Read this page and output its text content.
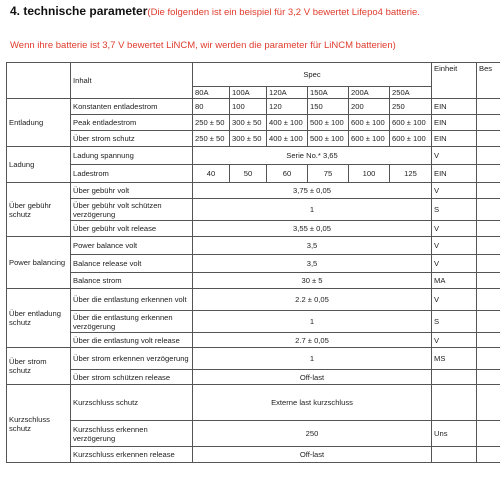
4. technische parameter(Die folgenden ist ein beispiel für 3,2 V bewertet Lifepo4 batterie.
Wenn ihre batterie ist 3,7 V bewertet LiNCM, wir werden die parameter für LiNCM batterien)
	Inhalt	Spec						Einheit	Bes
		80A	100A	120A	150A	200A	250A		
Entladung	Konstanten entladestrom	80	100	120	150	200	250	EIN	
	Peak entladestrom	250 ± 50	300 ± 50	400 ± 100	500 ± 100	600 ± 100	600 ± 100	EIN	
	Über strom schutz	250 ± 50	300 ± 50	400 ± 100	500 ± 100	600 ± 100	600 ± 100	EIN	
Ladung	Ladung spannung	Serie No.* 3,65						V	
	Ladestrom	40	50	60	75	100	125	EIN	
Über gebühr schutz	Über gebühr volt	3,75 ± 0,05						V	
	Über gebühr volt schützen verzögerung	1						S	
	Über gebühr volt release	3,55 ± 0,05						V	
Power balancing	Power balance volt	3,5						V	
	Balance release volt	3,5						V	
	Balance strom	30 ± 5						MA	
Über entladung schutz	Über die entlastung erkennen volt	2.2 ± 0,05						V	
	Über die entlastung erkennen verzögerung	1						S	
	Über die entlastung volt release	2.7 ± 0,05						V	
Über strom schutz	Über strom erkennen verzögerung	1						MS	
	Über strom schützen release	Off-last							
Kurzschluss schutz	Kurzschluss schutz	Externe last kurzschluss							
	Kurzschluss erkennen verzögerung	250						Uns	
	Kurzschluss erkennen release	Off-last							
